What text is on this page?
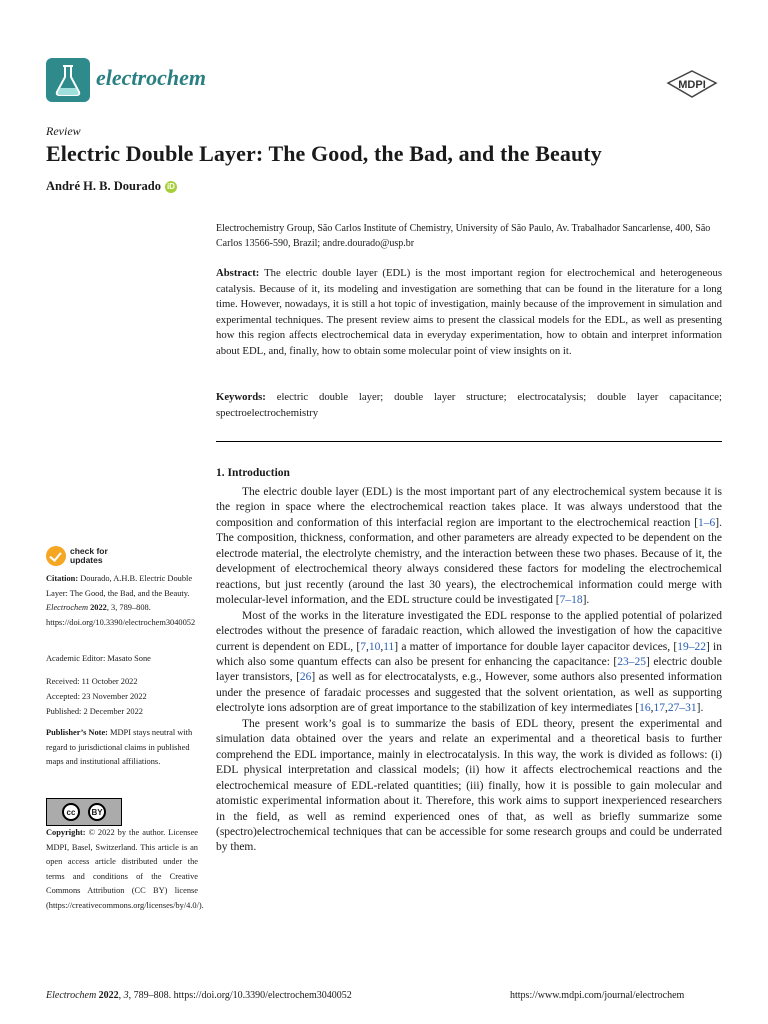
electrochem	MDPI
Review
Electric Double Layer: The Good, the Bad, and the Beauty
André H. B. Dourado iD
Electrochemistry Group, São Carlos Institute of Chemistry, University of São Paulo, Av. Trabalhador Sancarlense, 400, São Carlos 13566-590, Brazil; andre.dourado@usp.br
Abstract: The electric double layer (EDL) is the most important region for electrochemical and heterogeneous catalysis. Because of it, its modeling and investigation are something that can be found in the literature for a long time. However, nowadays, it is still a hot topic of investigation, mainly because of the improvement in simulation and experimental techniques. The present review aims to present the classical models for the EDL, as well as presenting how this region affects electrochemical data in everyday experimentation, how to obtain and interpret information about EDL, and, finally, how to obtain some molecular point of view insights on it.
Keywords: electric double layer; double layer structure; electrocatalysis; double layer capacitance; spectroelectrochemistry
1. Introduction

The electric double layer (EDL) is the most important part of any electrochemical system because it is the region in space where the electrochemical reaction takes place. It was always understood that the composition and conformation of this interfacial region are important to the electrochemical reaction [1–6]. The composition, thickness, conformation, and other parameters are already expected to be dependent on the electrode material, the electrolyte chemistry, and the interaction between these two phases. Because of it, the development of electrochemical theory always considered these factors for modeling the electrochemical reactions, but just recently (around the last 30 years), the electrochemical information could merge with molecular-level information, and the EDL structure could be investigated [7–18].

Most of the works in the literature investigated the EDL response to the applied potential of polarized electrodes without the presence of faradaic reaction, which allowed the investigation of how the capacitive current is dependent on EDL, [7,10,11] a matter of importance for double layer capacitor devices, [19–22] in which also some quantum effects can also be present for enhancing the capacitance: [23–25] electric double layer transistors, [26] as well as for electrocatalysts, e.g., However, some authors also presented information under the presence of faradaic processes and suggested that the solvent orientation, as well as supporting electrolyte ions adsorption are of great importance to the stabilization of key intermediates [16,17,27–31].

The present work’s goal is to summarize the basis of EDL theory, present the experimental and simulation data obtained over the years and relate an experimental and a theoretical basis to further comprehend the EDL importance, mainly in electrocatalysis. In this way, the work is divided as follows: (i) EDL physical interpretation and classical models; (ii) how it affects electrochemical reactions and the electrochemical measure of EDL-related quantities; (iii) finally, how it is possible to gain molecular and atomistic experimental information about it. Therefore, this work aims to support inexperienced researchers in the field, as well as remind experienced ones of that, as well as briefly summarize some (spectro)electrochemical techniques that can be accessible for some research groups and could be underrated by them.

check for
updates
Citation: Dourado, A.H.B. Electric Double Layer: The Good, the Bad, and the Beauty. Electrochem 2022, 3, 789–808. https://doi.org/10.3390/electrochem3040052
Academic Editor: Masato Sone
Received: 11 October 2022
Accepted: 23 November 2022
Published: 2 December 2022
Publisher’s Note: MDPI stays neutral with regard to jurisdictional claims in published maps and institutional affiliations.
cc	BY
Copyright: © 2022 by the author. Licensee MDPI, Basel, Switzerland. This article is an open access article distributed under the terms and conditions of the Creative Commons Attribution (CC BY) license (https://creativecommons.org/licenses/by/4.0/).
Electrochem 2022, 3, 789–808. https://doi.org/10.3390/electrochem3040052	https://www.mdpi.com/journal/electrochem
